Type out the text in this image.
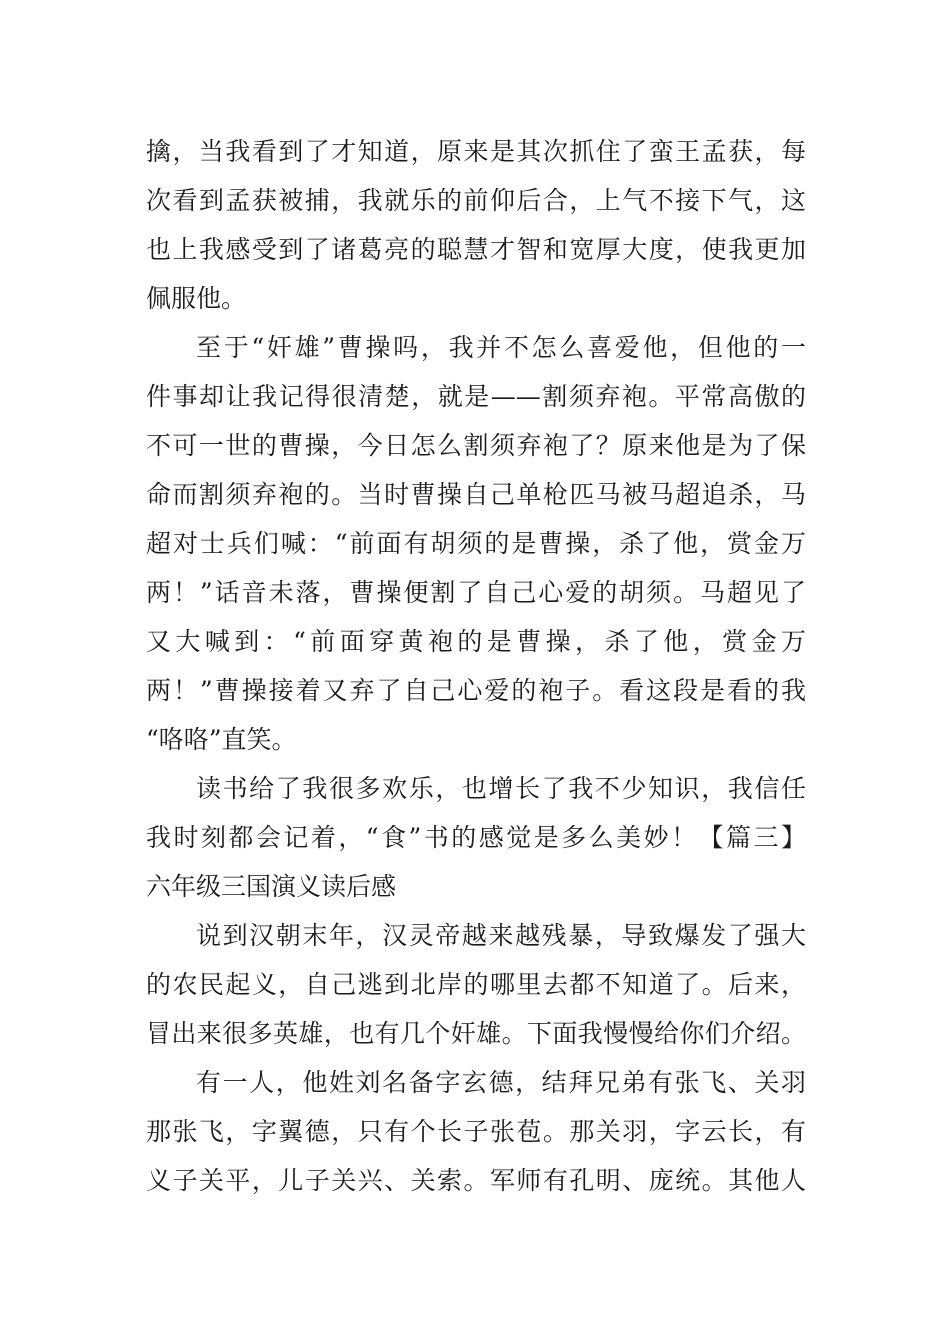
擒，当我看到了才知道，原来是其次抓住了蛮王孟获，每
次看到孟获被捕，我就乐的前仰后合，上气不接下气，这
也上我感受到了诸葛亮的聪慧才智和宽厚大度，使我更加
佩服他。
至于“奸雄”曹操吗，我并不怎么喜爱他，但他的一
件事却让我记得很清楚，就是——割须弃袍。平常高傲的
不可一世的曹操，今日怎么割须弃袍了？原来他是为了保
命而割须弃袍的。当时曹操自己单枪匹马被马超追杀，马
超对士兵们喊：“前面有胡须的是曹操，杀了他，赏金万
两！”话音未落，曹操便割了自己心爱的胡须。马超见了
又大喊到：“前面穿黄袍的是曹操，杀了他，赏金万
两！”曹操接着又弃了自己心爱的袍子。看这段是看的我
“咯咯”直笑。
读书给了我很多欢乐，也增长了我不少知识，我信任
我时刻都会记着，“食”书的感觉是多么美妙！【篇三】
六年级三国演义读后感
说到汉朝末年，汉灵帝越来越残暴，导致爆发了强大
的农民起义，自己逃到北岸的哪里去都不知道了。后来，
冒出来很多英雄，也有几个奸雄。下面我慢慢给你们介绍。
有一人，他姓刘名备字玄德，结拜兄弟有张飞、关羽
那张飞，字翼德，只有个长子张苞。那关羽，字云长，有
义子关平，儿子关兴、关索。军师有孔明、庞统。其他人
